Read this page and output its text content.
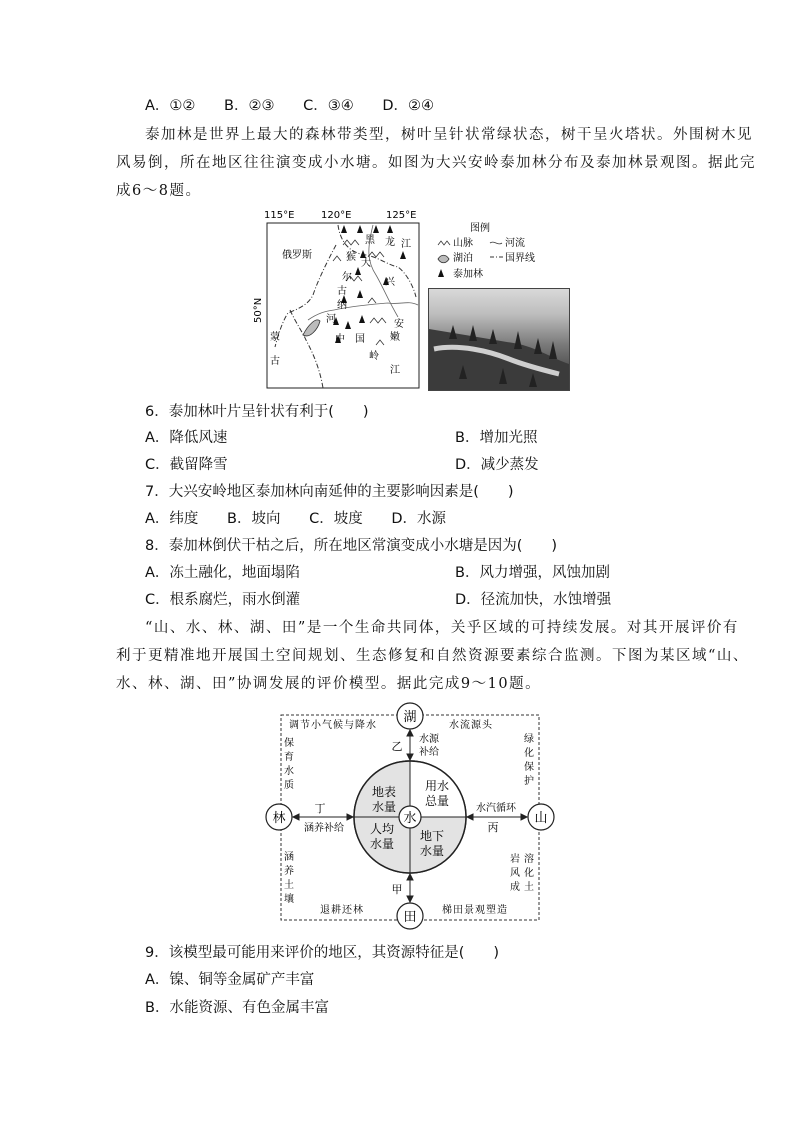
A．①② B．②③ C．③④ D．②④
泰加林是世界上最大的森林带类型，树叶呈针状常绿状态，树干呈火塔状。外围树木见
风易倒，所在地区往往演变成小水塘。如图为大兴安岭泰加林分布及泰加林景观图。据此完
成6～8题。
115°E	120°E	125°E
50°N
俄罗斯
黑 龙 江
猴
大
尔	兴
古
纳
河	安
蒙
古
中　国	嫩
岭
江
图例
山脉	河流
湖泊	国界线
泰加林
6．泰加林叶片呈针状有利于(　　)
A．降低风速	B．增加光照
C．截留降雪	D．减少蒸发
7．大兴安岭地区泰加林向南延伸的主要影响因素是(　　)
A．纬度 B．坡向 C．坡度 D．水源
8．泰加林倒伏干枯之后，所在地区常演变成小水塘是因为(　　)
A．冻土融化，地面塌陷	B．风力增强，风蚀加剧
C．根系腐烂，雨水倒灌	D．径流加快，水蚀增强
“山、水、林、湖、田”是一个生命共同体，关乎区域的可持续发展。对其开展评价有
利于更精准地开展国土空间规划、生态修复和自然资源要素综合监测。下图为某区域“山、
水、林、湖、田”协调发展的评价模型。据此完成9～10题。
水
地表
水量
用水
总量
人均
水量
地下
水量
湖
田
林	山
乙
甲
丁
丙
水源
补给
涵养补给
水汽循环
调节小气候与降水	水流源头
退耕还林	梯田景观塑造
保
育
水
质
涵
养
土
壤
绿
化
保
护
岩 溶
风 化
成 土
9．该模型最可能用来评价的地区，其资源特征是(　　)
A．镍、铜等金属矿产丰富
B．水能资源、有色金属丰富
